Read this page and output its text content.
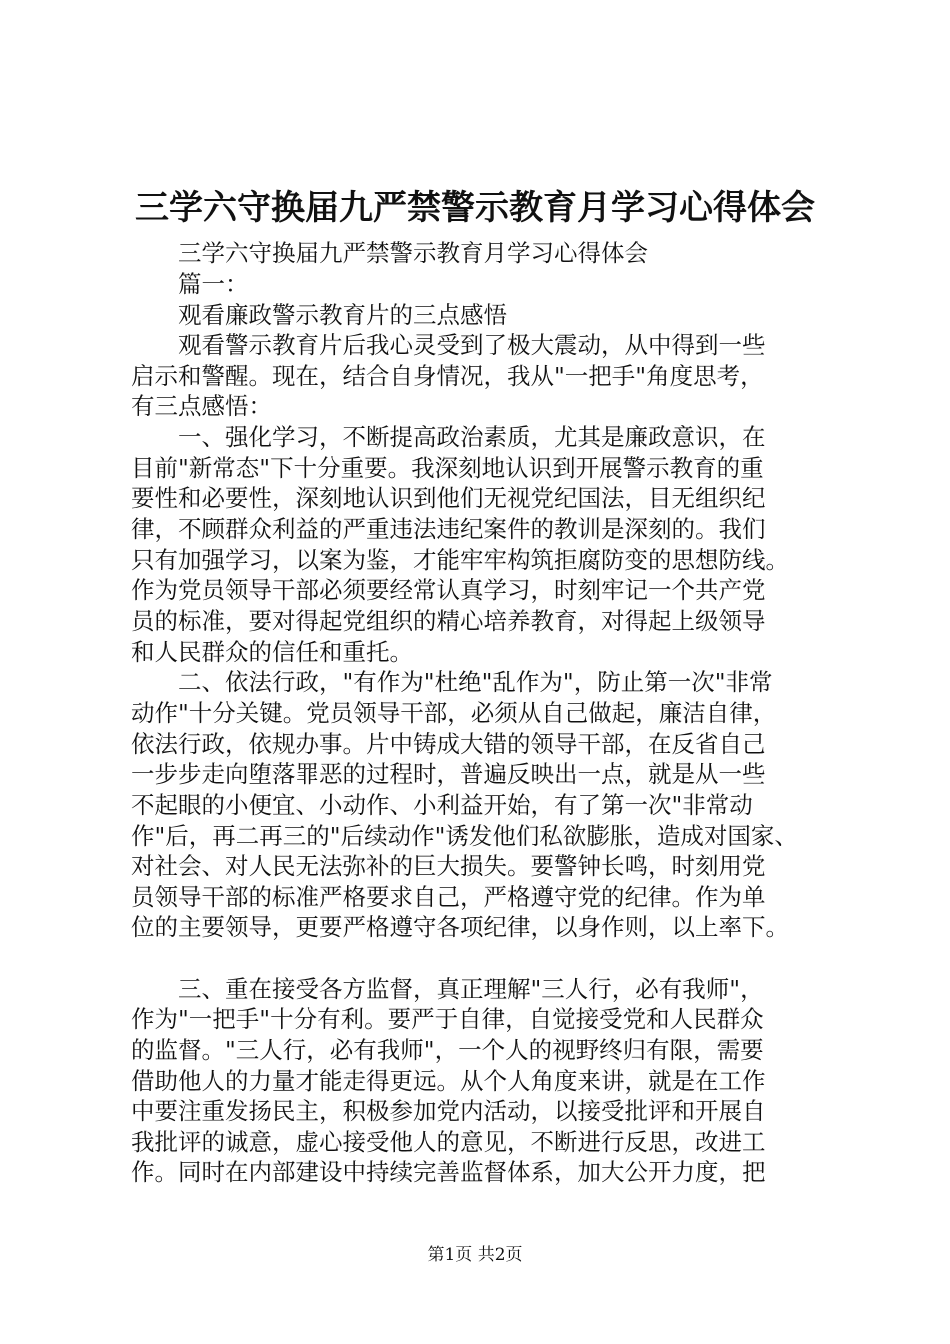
三学六守换届九严禁警示教育月学习心得体会
三学六守换届九严禁警示教育月学习心得体会
篇一：
观看廉政警示教育片的三点感悟
观看警示教育片后我心灵受到了极大震动，从中得到一些
启示和警醒。现在，结合自身情况，我从"一把手"角度思考，
有三点感悟：
一、强化学习，不断提高政治素质，尤其是廉政意识，在
目前"新常态"下十分重要。我深刻地认识到开展警示教育的重
要性和必要性，深刻地认识到他们无视党纪国法，目无组织纪
律，不顾群众利益的严重违法违纪案件的教训是深刻的。我们
只有加强学习，以案为鉴，才能牢牢构筑拒腐防变的思想防线。
作为党员领导干部必须要经常认真学习，时刻牢记一个共产党
员的标准，要对得起党组织的精心培养教育，对得起上级领导
和人民群众的信任和重托。
二、依法行政，"有作为"杜绝"乱作为"，防止第一次"非常
动作"十分关键。党员领导干部，必须从自己做起，廉洁自律，
依法行政，依规办事。片中铸成大错的领导干部，在反省自己
一步步走向堕落罪恶的过程时，普遍反映出一点，就是从一些
不起眼的小便宜、小动作、小利益开始，有了第一次"非常动
作"后，再二再三的"后续动作"诱发他们私欲膨胀，造成对国家、
对社会、对人民无法弥补的巨大损失。要警钟长鸣，时刻用党
员领导干部的标准严格要求自己，严格遵守党的纪律。作为单
位的主要领导，更要严格遵守各项纪律，以身作则，以上率下。
三、重在接受各方监督，真正理解"三人行，必有我师"，
作为"一把手"十分有利。要严于自律，自觉接受党和人民群众
的监督。"三人行，必有我师"，一个人的视野终归有限，需要
借助他人的力量才能走得更远。从个人角度来讲，就是在工作
中要注重发扬民主，积极参加党内活动，以接受批评和开展自
我批评的诚意，虚心接受他人的意见，不断进行反思，改进工
作。同时在内部建设中持续完善监督体系，加大公开力度，把
第1页 共2页
